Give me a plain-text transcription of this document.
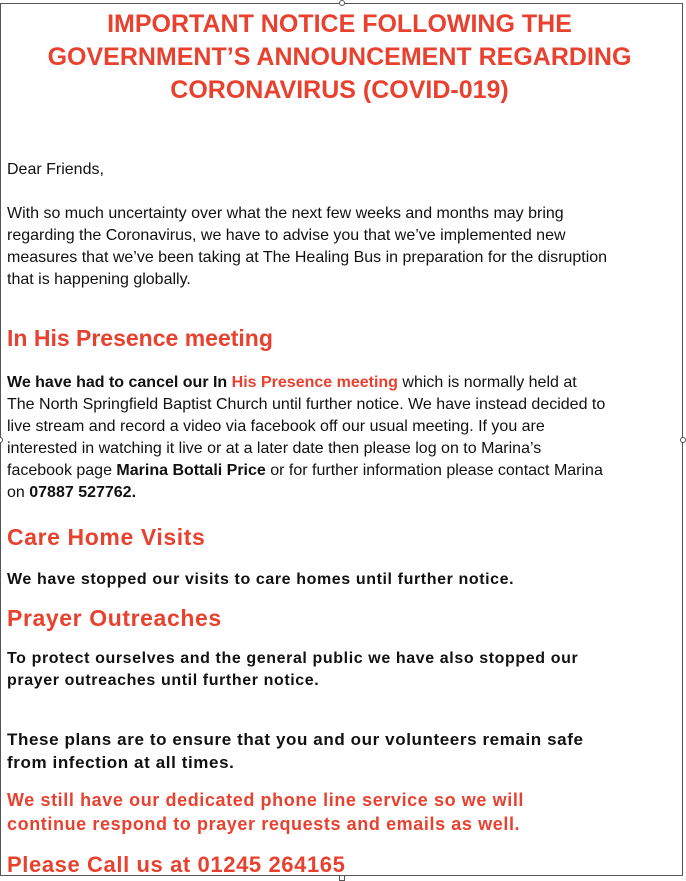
IMPORTANT NOTICE FOLLOWING THE
GOVERNMENT’S ANNOUNCEMENT REGARDING
CORONAVIRUS (COVID-019)

Dear Friends,

With so much uncertainty over what the next few weeks and months may bring

regarding the Coronavirus, we have to advise you that we’ve implemented new

measures that we’ve been taking at The Healing Bus in preparation for the disruption

that is happening globally.

In His Presence meeting

We have had to cancel our In His Presence meeting which is normally held at

The North Springfield Baptist Church until further notice. We have instead decided to

live stream and record a video via facebook off our usual meeting. If you are

interested in watching it live or at a later date then please log on to Marina’s

facebook page Marina Bottali Price or for further information please contact Marina

on 07887 527762.

Care Home Visits

We have stopped our visits to care homes until further notice.

Prayer Outreaches

To protect ourselves and the general public we have also stopped our

prayer outreaches until further notice.

These plans are to ensure that you and our volunteers remain safe

from infection at all times.

We still have our dedicated phone line service so we will

continue respond to prayer requests and emails as well.

Please Call us at 01245 264165
